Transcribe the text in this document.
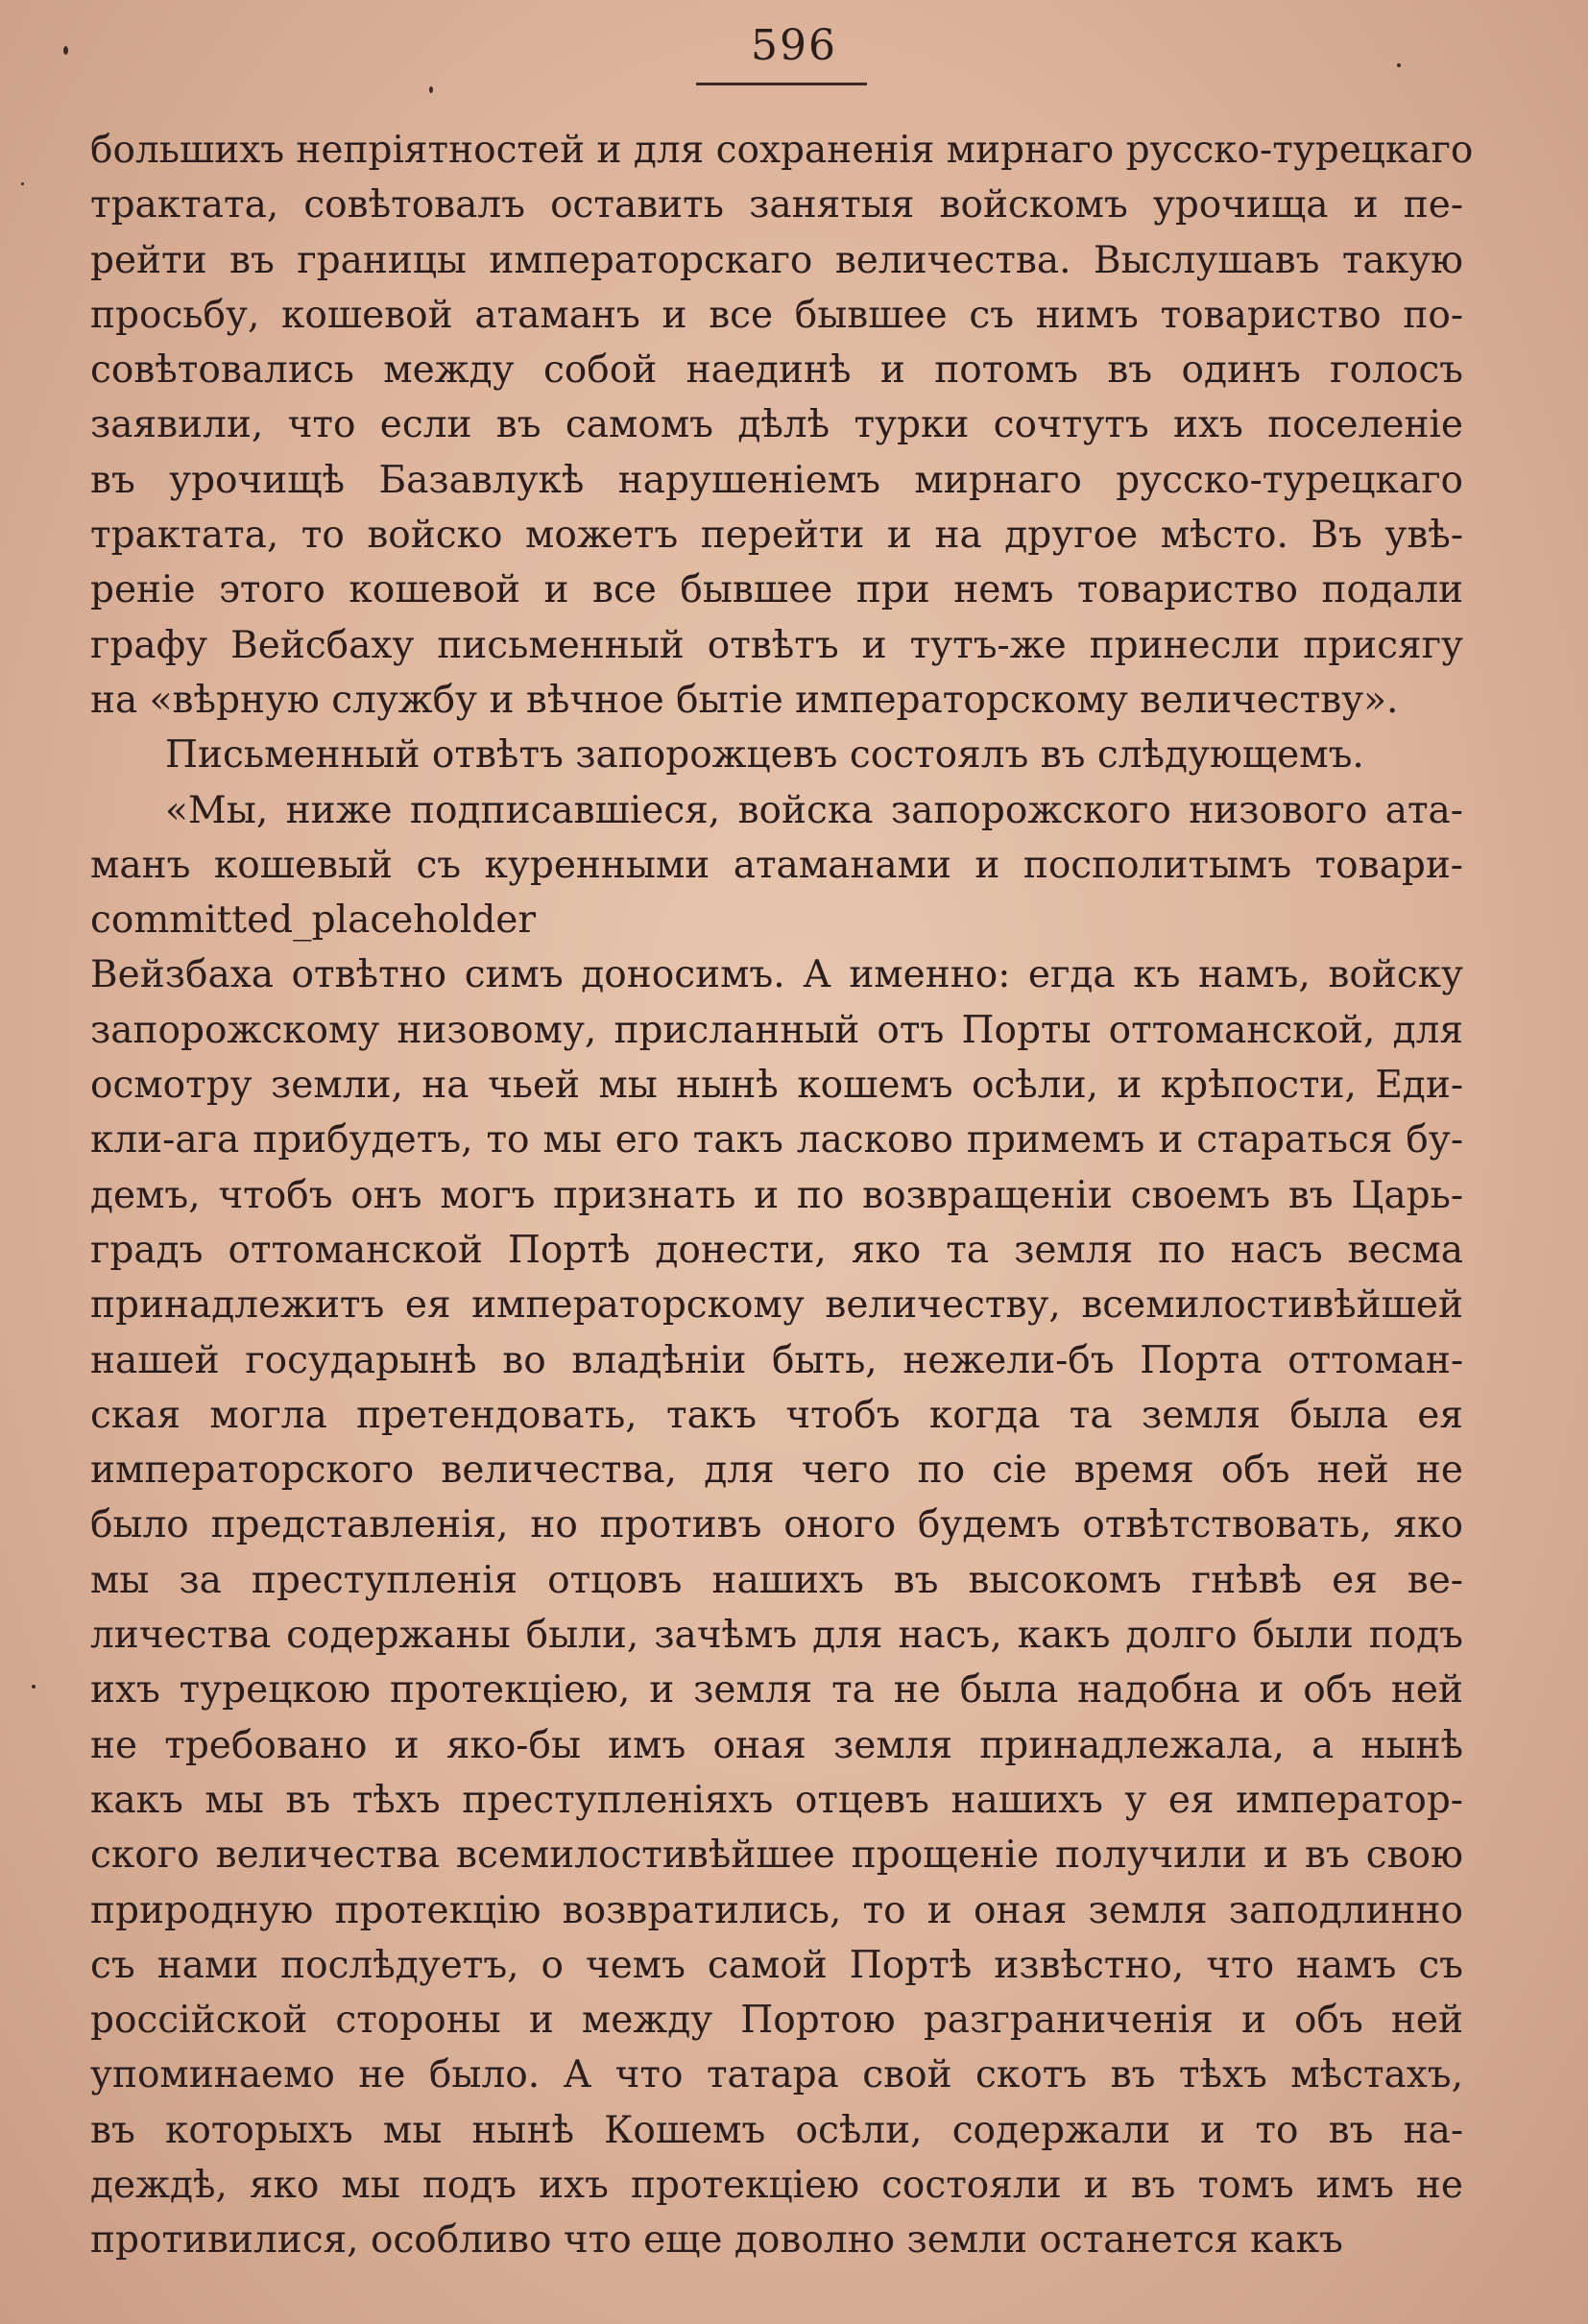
596
большихъ непріятностей и для сохраненія мирнаго русско-турецкаго
трактата, совѣтовалъ оставить занятыя войскомъ урочища и пе-
рейти въ границы императорскаго величества. Выслушавъ такую
просьбу, кошевой атаманъ и все бывшее съ нимъ товариство по-
совѣтовались между собой наединѣ и потомъ въ одинъ голосъ
заявили, что если въ самомъ дѣлѣ турки сочтутъ ихъ поселеніе
въ урочищѣ Базавлукѣ нарушеніемъ мирнаго русско-турецкаго
трактата, то войско можетъ перейти и на другое мѣсто. Въ увѣ-
реніе этого кошевой и все бывшее при немъ товариство подали
графу Вейсбаху письменный отвѣтъ и тутъ-же принесли присягу
на «вѣрную службу и вѣчное бытіе императорскому величеству».
Письменный отвѣтъ запорожцевъ состоялъ въ слѣдующемъ.
«Мы, ниже подписавшіеся, войска запорожского низового ата-
манъ кошевый съ куренными атаманами и посполитымъ товари-
committed_placeholder
Вейзбаха отвѣтно симъ доносимъ. А именно: егда къ намъ, войску
запорожскому низовому, присланный отъ Порты оттоманской, для
осмотру земли, на чьей мы нынѣ кошемъ осѣли, и крѣпости, Еди-
кли-ага прибудетъ, то мы его такъ ласково примемъ и стараться бу-
демъ, чтобъ онъ могъ признать и по возвращеніи своемъ въ Царь-
градъ оттоманской Портѣ донести, яко та земля по насъ весма
принадлежитъ ея императорскому величеству, всемилостивѣйшей
нашей государынѣ во владѣніи быть, нежели-бъ Порта оттоман-
ская могла претендовать, такъ чтобъ когда та земля была ея
императорского величества, для чего по сіе время объ ней не
было представленія, но противъ оного будемъ отвѣтствовать, яко
мы за преступленія отцовъ нашихъ въ высокомъ гнѣвѣ ея ве-
личества содержаны были, зачѣмъ для насъ, какъ долго были подъ
ихъ турецкою протекціею, и земля та не была надобна и объ ней
не требовано и яко-бы имъ оная земля принадлежала, а нынѣ
какъ мы въ тѣхъ преступленіяхъ отцевъ нашихъ у ея император-
ского величества всемилостивѣйшее прощеніе получили и въ свою
природную протекцію возвратились, то и оная земля заподлинно
съ нами послѣдуетъ, о чемъ самой Портѣ извѣстно, что намъ съ
россійской стороны и между Портою разграниченія и объ ней
упоминаемо не было. А что татара свой скотъ въ тѣхъ мѣстахъ,
въ которыхъ мы нынѣ Кошемъ осѣли, содержали и то въ на-
деждѣ, яко мы подъ ихъ протекціею состояли и въ томъ имъ не
противилися, особливо что еще доволно земли останется какъ
